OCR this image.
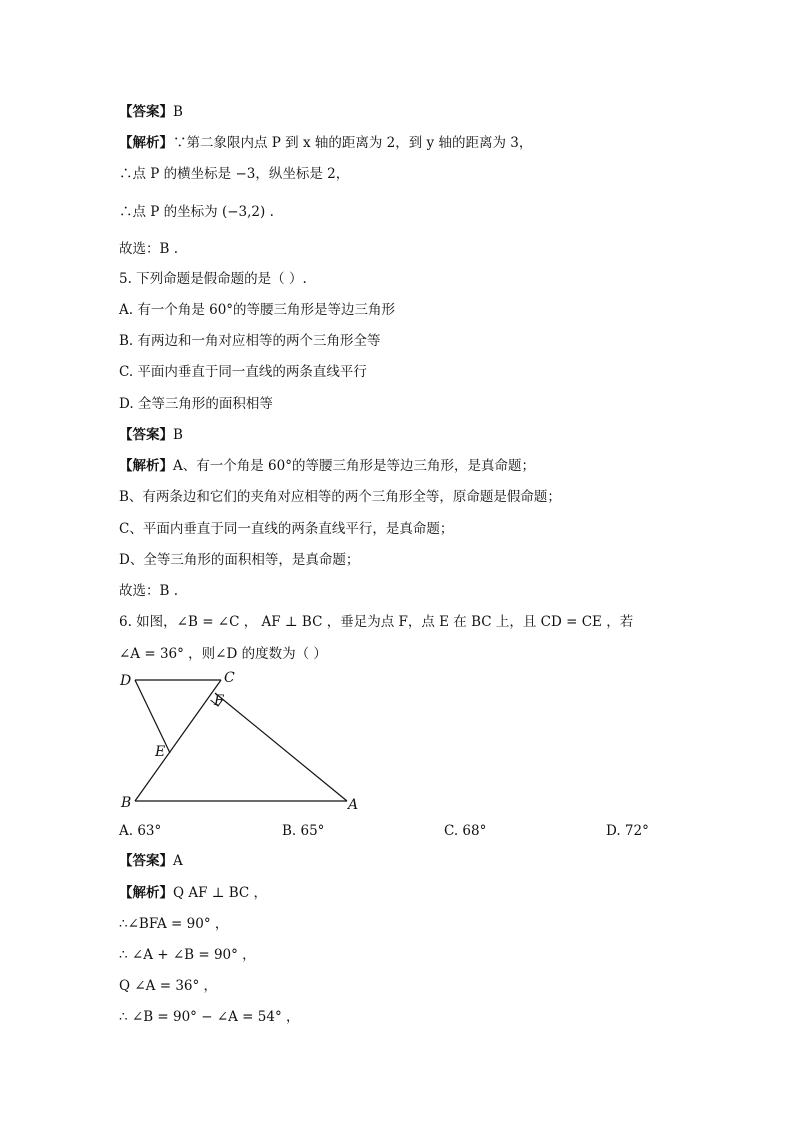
【答案】B
【解析】∵第二象限内点 P 到 x 轴的距离为 2，到 y 轴的距离为 3，
∴点 P 的横坐标是 −3，纵坐标是 2，
∴点 P 的坐标为 (−3,2) .
故选：B .
5. 下列命题是假命题的是（ ）.
A. 有一个角是 60°的等腰三角形是等边三角形
B. 有两边和一角对应相等的两个三角形全等
C. 平面内垂直于同一直线的两条直线平行
D. 全等三角形的面积相等
【答案】B
【解析】A、有一个角是 60°的等腰三角形是等边三角形，是真命题；
B、有两条边和它们的夹角对应相等的两个三角形全等，原命题是假命题；
C、平面内垂直于同一直线的两条直线平行，是真命题；
D、全等三角形的面积相等，是真命题；
故选：B .
6. 如图，∠B = ∠C ， AF ⊥ BC ，垂足为点 F，点 E 在 BC 上，且 CD = CE ，若
∠A = 36° ，则∠D 的度数为（ ）
D	C
F
E
B	A
A. 63°	B. 65°	C. 68°	D. 72°
【答案】A
【解析】Q AF ⊥ BC ，
∴∠BFA = 90° ，
∴ ∠A + ∠B = 90° ，
Q ∠A = 36° ，
∴ ∠B = 90° − ∠A = 54° ，
